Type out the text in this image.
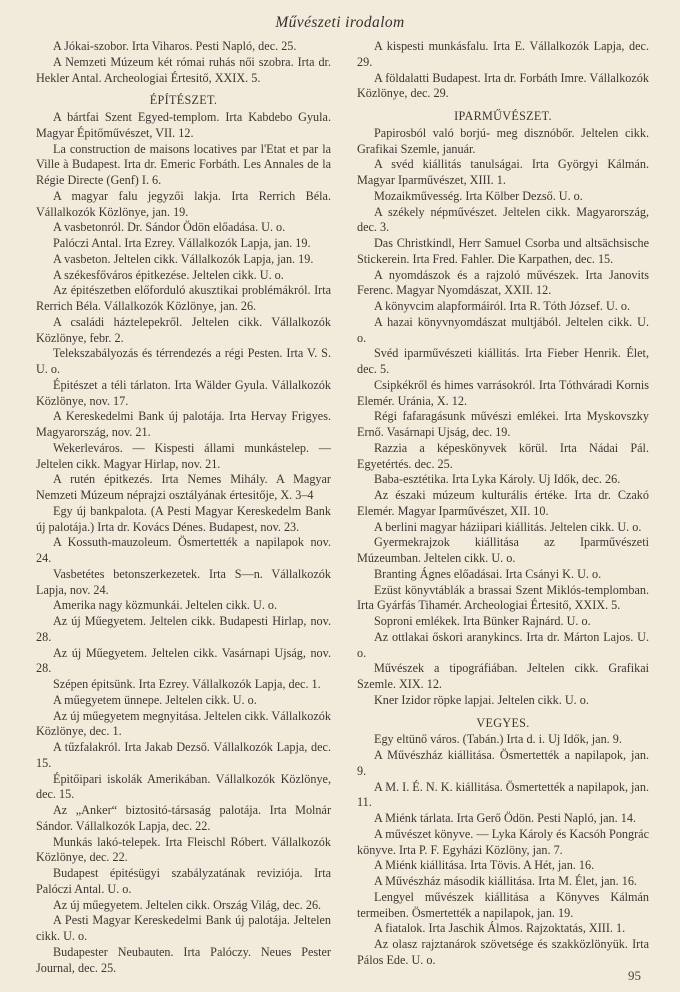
Művészeti irodalom

A Jókai-szobor. Irta Viharos. Pesti Napló, dec. 25.

A Nemzeti Múzeum két római ruhás női szobra. Irta dr. Hekler Antal. Archeologiai Értesitő, XXIX. 5.

ÉPÍTÉSZET.

A bártfai Szent Egyed-templom. Irta Kabdebo Gyula. Magyar Épitőművészet, VII. 12.

La construction de maisons locatives par l'Etat et par la Ville à Budapest. Irta dr. Emeric Forbáth. Les Annales de la Régie Directe (Genf) I. 6.

A magyar falu jegyzői lakja. Irta Rerrich Béla. Vállalkozók Közlönye, jan. 19.

A vasbetonról. Dr. Sándor Ödön előadása. U. o.

Palóczi Antal. Irta Ezrey. Vállalkozók Lapja, jan. 19.

A vasbeton. Jeltelen cikk. Vállalkozók Lapja, jan. 19.

A székesfőváros épitkezése. Jeltelen cikk. U. o.

Az épitészetben előforduló akusztikai problémákról. Irta Rerrich Béla. Vállalkozók Közlönye, jan. 26.

A családi háztelepekről. Jeltelen cikk. Vállalkozók Közlönye, febr. 2.

Telekszabályozás és térrendezés a régi Pesten. Irta V. S. U. o.

Épitészet a téli tárlaton. Irta Wälder Gyula. Vállalkozók Közlönye, nov. 17.

A Kereskedelmi Bank új palotája. Irta Hervay Frigyes. Magyarország, nov. 21.

Wekerleváros. — Kispesti állami munkástelep. — Jeltelen cikk. Magyar Hirlap, nov. 21.

A rutén épitkezés. Irta Nemes Mihály. A Magyar Nemzeti Múzeum néprajzi osztályának értesitője, X. 3–4

Egy új bankpalota. (A Pesti Magyar Kereskedelm Bank új palotája.) Irta dr. Kovács Dénes. Budapest, nov. 23.

A Kossuth-mauzoleum. Ösmertették a napilapok nov. 24.

Vasbetétes betonszerkezetek. Irta S—n. Vállalkozók Lapja, nov. 24.

Amerika nagy közmunkái. Jeltelen cikk. U. o.

Az új Műegyetem. Jeltelen cikk. Budapesti Hirlap, nov. 28.

Az új Műegyetem. Jeltelen cikk. Vasárnapi Ujság, nov. 28.

Szépen épitsünk. Irta Ezrey. Vállalkozók Lapja, dec. 1.

A műegyetem ünnepe. Jeltelen cikk. U. o.

Az új műegyetem megnyitása. Jeltelen cikk. Vállalkozók Közlönye, dec. 1.

A tűzfalakról. Irta Jakab Dezső. Vállalkozók Lapja, dec. 15.

Épitőipari iskolák Amerikában. Vállalkozók Közlönye, dec. 15.

Az „Anker“ biztositó-társaság palotája. Irta Molnár Sándor. Vállalkozók Lapja, dec. 22.

Munkás lakó-telepek. Irta Fleischl Róbert. Vállalkozók Közlönye, dec. 22.

Budapest épitésügyi szabályzatának reviziója. Irta Palóczi Antal. U. o.

Az új műegyetem. Jeltelen cikk. Ország Világ, dec. 26.

A Pesti Magyar Kereskedelmi Bank új palotája. Jeltelen cikk. U. o.

Budapester Neubauten. Irta Palóczy. Neues Pester Journal, dec. 25.

A kispesti munkásfalu. Irta E. Vállalkozók Lapja, dec. 29.

A földalatti Budapest. Irta dr. Forbáth Imre. Vállalkozók Közlönye, dec. 29.

IPARMŰVÉSZET.

Papirosból való borjú- meg disznóbőr. Jeltelen cikk. Grafikai Szemle, január.

A svéd kiállitás tanulságai. Irta Györgyi Kálmán. Magyar Iparművészet, XIII. 1.

Mozaikművesség. Irta Kölber Dezső. U. o.

A székely népművészet. Jeltelen cikk. Magyarország, dec. 3.

Das Christkindl, Herr Samuel Csorba und altsächsische Stickerein. Irta Fred. Fahler. Die Karpathen, dec. 15.

A nyomdászok és a rajzoló művészek. Irta Janovits Ferenc. Magyar Nyomdászat, XXII. 12.

A könyvcim alapformáiról. Irta R. Tóth József. U. o.

A hazai könyvnyomdászat multjából. Jeltelen cikk. U. o.

Svéd iparművészeti kiállitás. Irta Fieber Henrik. Élet, dec. 5.

Csipkékről és himes varrásokról. Irta Tóthváradi Kornis Elemér. Uránia, X. 12.

Régi fafaragásunk művészi emlékei. Irta Myskovszky Ernő. Vasárnapi Ujság, dec. 19.

Razzia a képeskönyvek körül. Irta Nádai Pál. Egyetértés. dec. 25.

Baba-esztétika. Irta Lyka Károly. Uj Idők, dec. 26.

Az északi múzeum kulturális értéke. Irta dr. Czakó Elemér. Magyar Iparművészet, XII. 10.

A berlini magyar háziipari kiállitás. Jeltelen cikk. U. o.

Gyermekrajzok kiállitása az Iparművészeti Múzeumban. Jeltelen cikk. U. o.

Branting Ágnes előadásai. Irta Csányi K. U. o.

Ezüst könyvtáblák a brassai Szent Miklós-templomban. Irta Gyárfás Tihamér. Archeologiai Értesitő, XXIX. 5.

Soproni emlékek. Irta Bünker Rajnárd. U. o.

Az ottlakai őskori aranykincs. Irta dr. Márton Lajos. U. o.

Művészek a tipográfiában. Jeltelen cikk. Grafikai Szemle. XIX. 12.

Kner Izidor röpke lapjai. Jeltelen cikk. U. o.

VEGYES.

Egy eltünő város. (Tabán.) Irta d. i. Uj Idők, jan. 9.

A Művészház kiállitása. Ösmertették a napilapok, jan. 9.

A M. I. É. N. K. kiállitása. Ösmertették a napilapok, jan. 11.

A Miénk tárlata. Irta Gerő Ödön. Pesti Napló, jan. 14.

A művészet könyve. — Lyka Károly és Kacsóh Pongrác könyve. Irta P. F. Egyházi Közlöny, jan. 7.

A Miénk kiállitása. Irta Tövis. A Hét, jan. 16.

A Művészház második kiállitása. Irta M. Élet, jan. 16.

Lengyel művészek kiállitása a Könyves Kálmán termeiben. Ösmertették a napilapok, jan. 19.

A fiatalok. Irta Jaschik Álmos. Rajzoktatás, XIII. 1.

Az olasz rajztanárok szövetsége és szakközlönyük. Irta Pálos Ede. U. o.

95
